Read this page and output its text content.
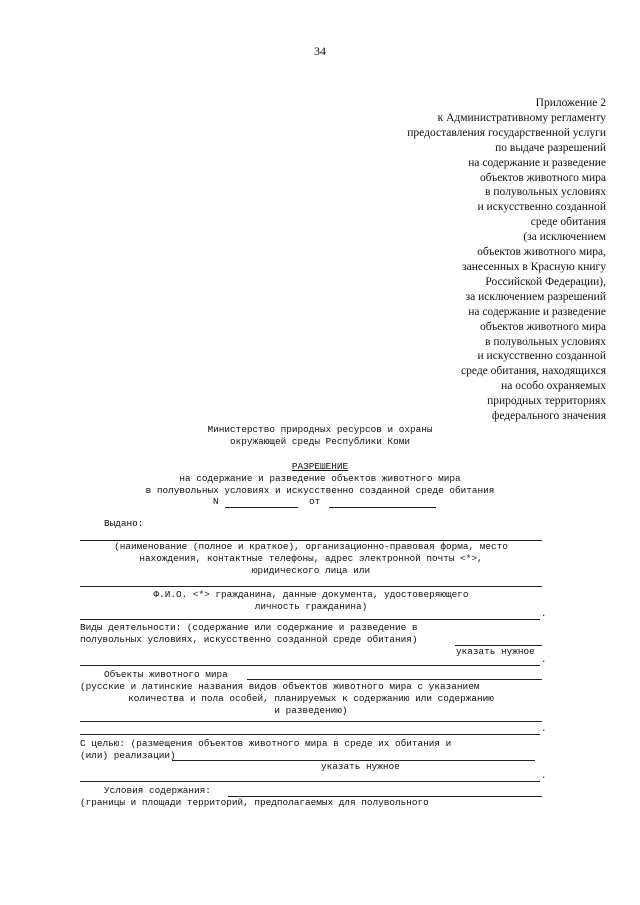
34
Приложение 2
к Административному регламенту
предоставления государственной услуги
по выдаче разрешений
на содержание и разведение
объектов животного мира
в полувольных условиях
и искусственно созданной
среде обитания
(за исключением
объектов животного мира,
занесенных в Красную книгу
Российской Федерации),
за исключением разрешений
на содержание и разведение
объектов животного мира
в полувольных условиях
и искусственно созданной
среде обитания, находящихся
на особо охраняемых
природных территориях
федерального значения
Министерство природных ресурсов и охраны
окружающей среды Республики Коми
РАЗРЕШЕНИЕ
на содержание и разведение объектов животного мира
в полувольных условиях и искусственно созданной среде обитания
N	от
Выдано:
(наименование (полное и краткое), организационно-правовая форма, место
нахождения, контактные телефоны, адрес электронной почты <*>,
юридического лица или
Ф.И.О. <*> гражданина, данные документа, удостоверяющего
личность гражданина)
.
Виды деятельности: (содержание или содержание и разведение в
полувольных условиях, искусственно созданной среде обитания)
указать нужное
.
Объекты животного мира
(русские и латинские названия видов объектов животного мира с указанием
количества и пола особей, планируемых к содержанию или содержанию
и разведению)
.
С целью: (размещения объектов животного мира в среде их обитания и
(или) реализации)
указать нужное
.
Условия содержания:
(границы и площади территорий, предполагаемых для полувольного
